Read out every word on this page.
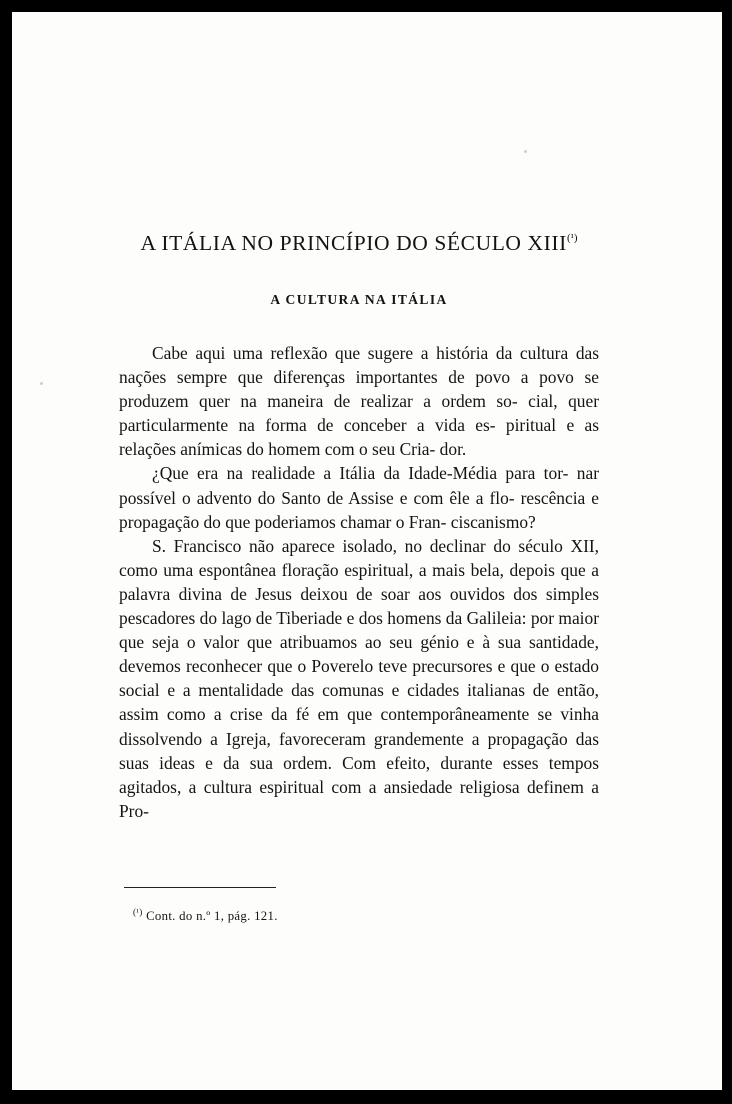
A ITÁLIA NO PRINCÍPIO DO SÉCULO $XIII^{(^1)}$
A CULTURA NA ITÁLIA

Cabe aqui uma reflexão que sugere a história da cultura das nações sempre que diferenças importantes de povo a povo se produzem quer na maneira de realizar a ordem so- cial, quer particularmente na forma de conceber a vida es- piritual e as relações anímicas do homem com o seu Cria- dor.

¿Que era na realidade a Itália da Idade-Média para tor- nar possível o advento do Santo de Assise e com êle a flo- rescência e propagação do que poderiamos chamar o Fran- ciscanismo?

S. Francisco não aparece isolado, no declinar do século XII, como uma espontânea floração espiritual, a mais bela, depois que a palavra divina de Jesus deixou de soar aos ouvidos dos simples pescadores do lago de Tiberiade e dos homens da Galileia: por maior que seja o valor que atribuamos ao seu génio e à sua santidade, devemos reconhecer que o Poverelo teve precursores e que o estado social e a mentalidade das comunas e cidades italianas de então, assim como a crise da fé em que contemporâneamente se vinha dissolvendo a Igreja, favoreceram grandemente a propagação das suas ideas e da sua ordem. Com efeito, durante esses tempos agitados, a cultura espiritual com a ansiedade religiosa definem a Pro-

$^{(^1)}$ Cont. do n.º 1, pág. 121.
